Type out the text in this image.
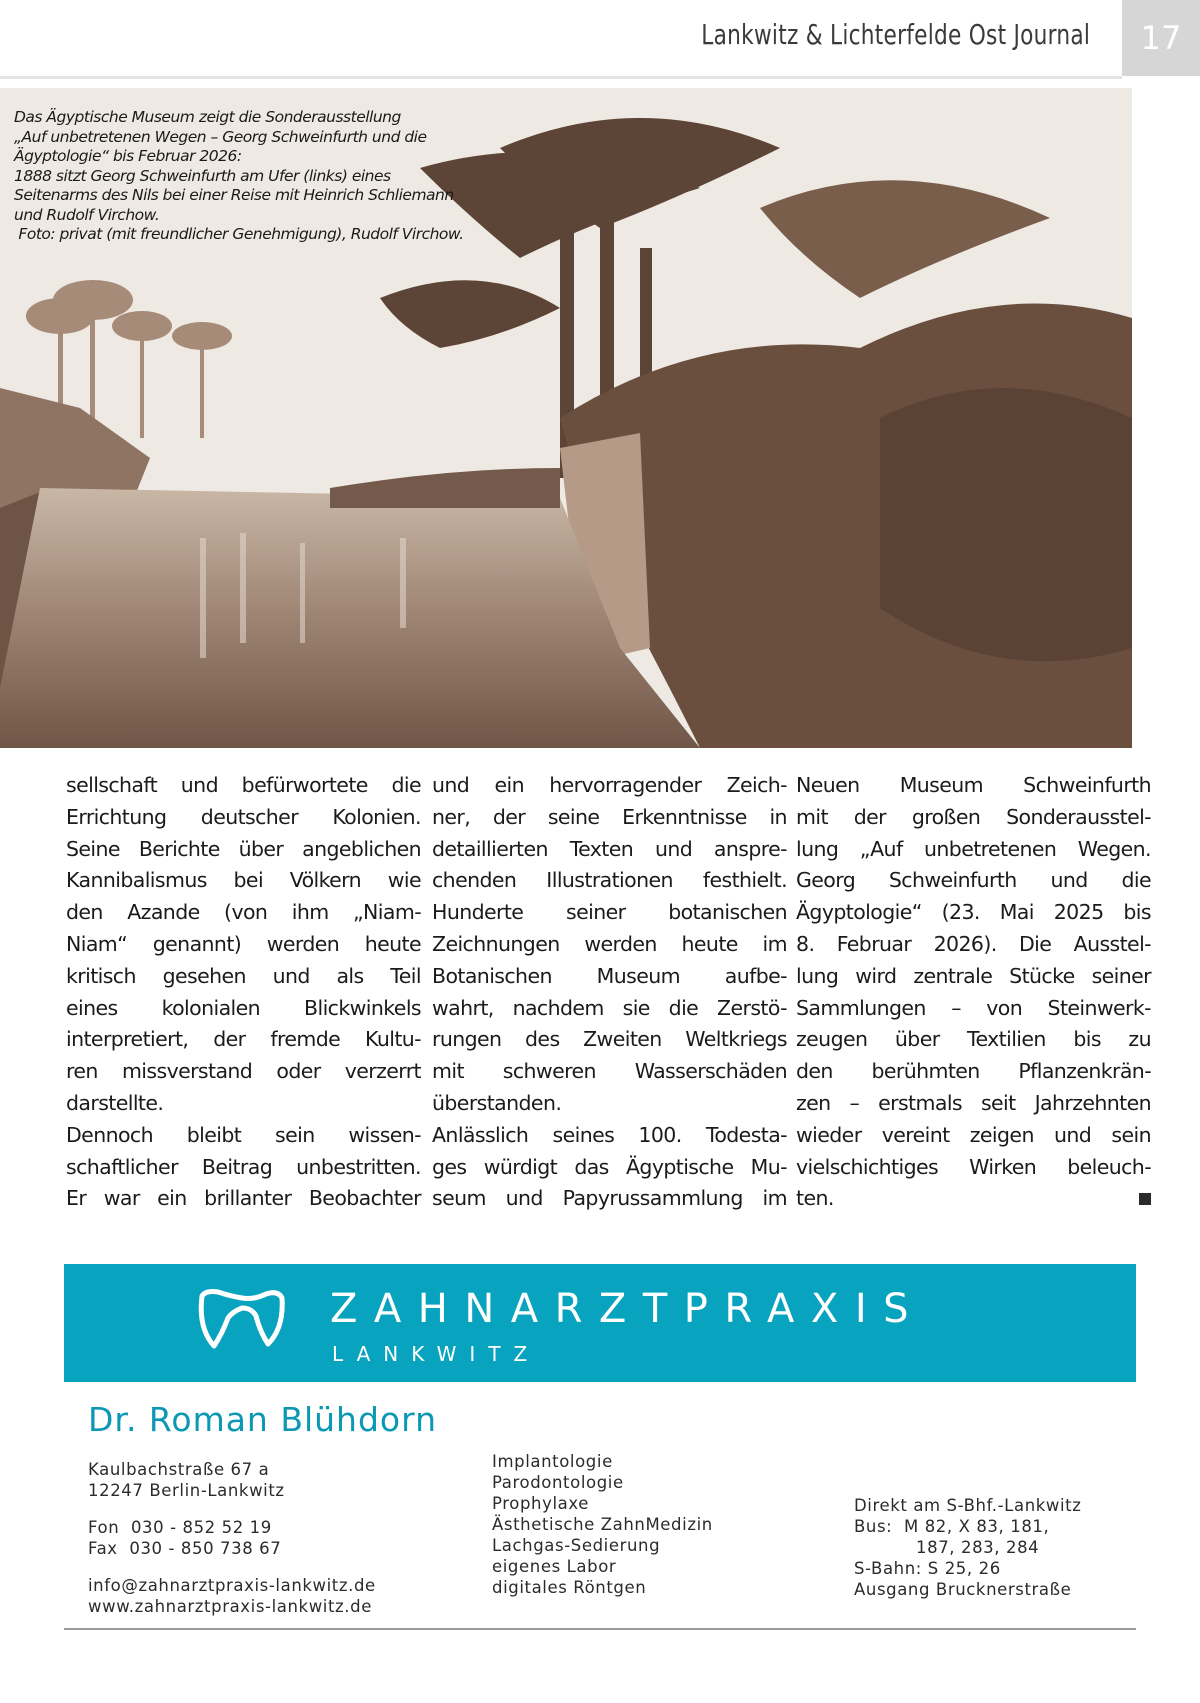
Lankwitz & Lichterfelde Ost Journal	17
Das Ägyptische Museum zeigt die Sonderausstellung
„Auf unbetretenen Wegen – Georg Schweinfurth und die
Ägyptologie“ bis Februar 2026:
1888 sitzt Georg Schweinfurth am Ufer (links) eines
Seitenarms des Nils bei einer Reise mit Heinrich Schliemann
und Rudolf Virchow.
Foto: privat (mit freundlicher Genehmigung), Rudolf Virchow.
sellschaft und befürwortete die
Errichtung deutscher Kolonien.
Seine Berichte über angeblichen
Kannibalismus bei Völkern wie
den Azande (von ihm „Niam-
Niam“ genannt) werden heute
kritisch gesehen und als Teil
eines kolonialen Blickwinkels
interpretiert, der fremde Kultu-
ren missverstand oder verzerrt
darstellte.
Dennoch bleibt sein wissen-
schaftlicher Beitrag unbestritten.
Er war ein brillanter Beobachter
und ein hervorragender Zeich-
ner, der seine Erkenntnisse in
detaillierten Texten und anspre-
chenden Illustrationen festhielt.
Hunderte seiner botanischen
Zeichnungen werden heute im
Botanischen Museum aufbe-
wahrt, nachdem sie die Zerstö-
rungen des Zweiten Weltkriegs
mit schweren Wasserschäden
überstanden.
Anlässlich seines 100. Todesta-
ges würdigt das Ägyptische Mu-
seum und Papyrussammlung im
Neuen Museum Schweinfurth
mit der großen Sonderausstel-
lung „Auf unbetretenen Wegen.
Georg Schweinfurth und die
Ägyptologie“ (23. Mai 2025 bis
8. Februar 2026). Die Ausstel-
lung wird zentrale Stücke seiner
Sammlungen – von Steinwerk-
zeugen über Textilien bis zu
den berühmten Pflanzenkrän-
zen – erstmals seit Jahrzehnten
wieder vereint zeigen und sein
vielschichtiges Wirken beleuch-
ten.
ZAHNARZTPRAXIS
LANKWITZ
Dr. Roman Blühdorn
Kaulbachstraße 67 a
12247 Berlin-Lankwitz
Fon  030 - 852 52 19
Fax  030 - 850 738 67
info@zahnarztpraxis-lankwitz.de
www.zahnarztpraxis-lankwitz.de
Implantologie
Parodontologie
Prophylaxe
Ästhetische ZahnMedizin
Lachgas-Sedierung
eigenes Labor
digitales Röntgen
Direkt am S-Bhf.-Lankwitz
Bus:  M 82, X 83, 181,
187, 283, 284
S-Bahn: S 25, 26
Ausgang Brucknerstraße
